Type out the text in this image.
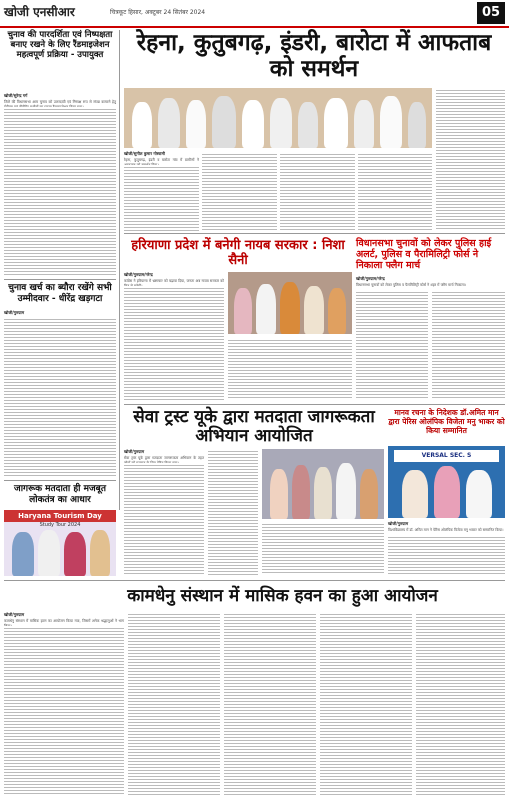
खोजी एनसीआर	चित्रकूट हिसार, अक्टूबर 24 सितंबर 2024	05
चुनाव की पारदर्शिता एवं निष्पक्षता बनाए रखने के लिए रैंडमाइजेशन महत्वपूर्ण प्रक्रिया - उपायुक्त
खोजी/सुरेन्द्र गर्ग
जिले की विधानसभा आम चुनाव को उत्तरदायी एवं निष्पक्ष रूप से संपन्न करवाने हेतु
रेहना, कुतुबगढ़, इंडरी, बारोटा में आफताब को समर्थन
खोजी/सुनील कुमार गोस्वामी
रेहना, कुतुबगढ़, इंडरी व बारोटा गांव में ग्रामीणों ने
चुनाव खर्च का ब्यौरा रखेंगे सभी उम्मीदवार - धीरेंद्र खड़गटा
खोजी/गुरुग्राम
हरियाणा प्रदेश में बनेगी नायब सरकार : निशा सैनी
खोजी/गुरुग्राम/नरेन्द्र
कांग्रेस ने हरियाणा में भ्रष्टाचार को बढ़ावा दिया, जनता अब नायब सरकार को
विधानसभा चुनावों को लेकर पुलिस हाई अलर्ट, पुलिस व पैरामिलिट्री फोर्स ने निकाला फ्लैग मार्च
खोजी/गुरुग्राम/नरेन्द्र
विधानसभा चुनावों को लेकर पुलिस व पैरामिलिट्री फोर्स ने शहर में फ्लैग मार्च निकाला।
सेवा ट्रस्ट यूके द्वारा मतदाता जागरूकता अभियान आयोजित
खोजी/गुरुग्राम
सेवा ट्रस्ट यूके द्वारा मतदाता जागरूकता अभियान के तहत
मानव रचना के निदेशक डॉ.अमित मान द्वारा पेरिस ओलंपिक विजेता मनु भाकर को किया सम्मानित
VERSAL SEC. S
खोजी/गुरुग्राम
विश्वविद्यालय में डॉ. अमित मान ने पेरिस ओलंपिक विजेता मनु भाकर को सम्मानित किया।
जागरूक मतदाता ही मजबूत लोकतंत्र का आधार
Haryana Tourism Day
Study Tour 2024
कामधेनु संस्थान में मासिक हवन का हुआ आयोजन
खोजी/गुरुग्राम
कामधेनु संस्थान में मासिक हवन का आयोजन किया गया, जिसमें अनेक श्रद्धालुओं ने भाग
